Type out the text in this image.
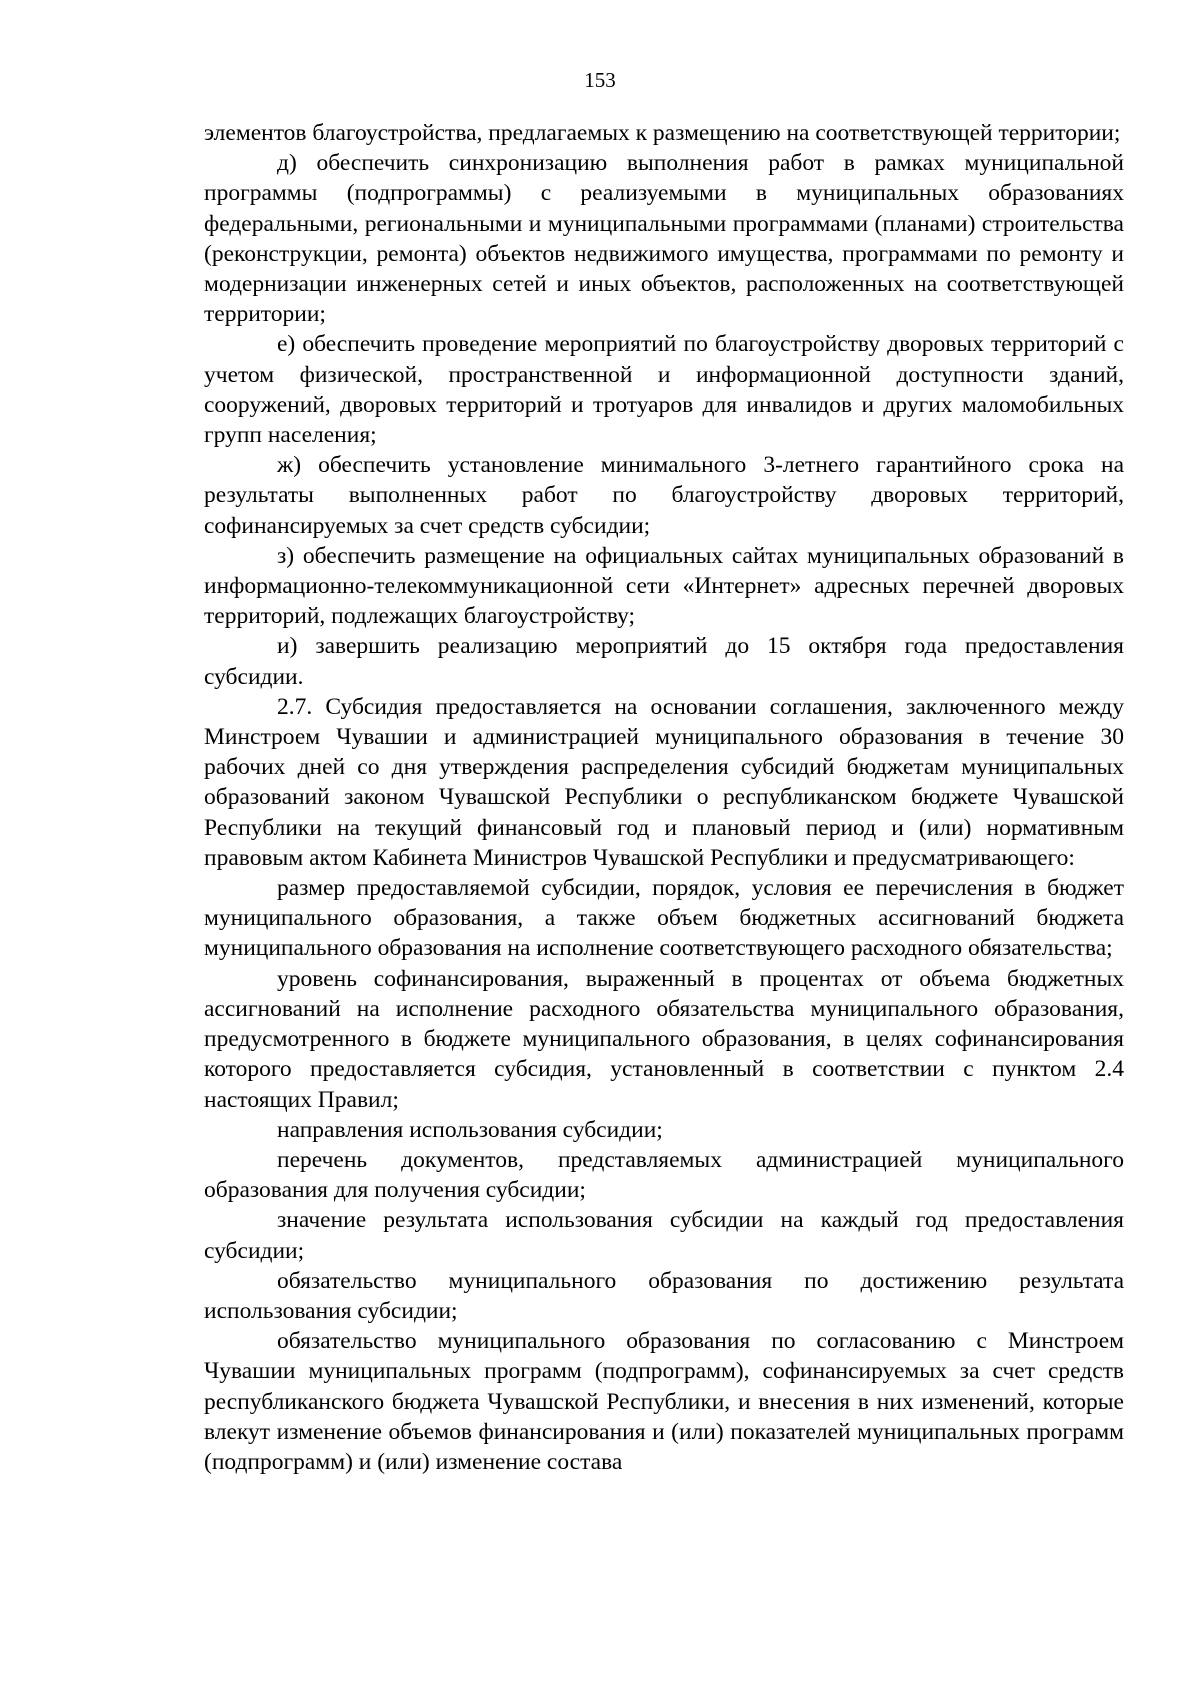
153

элементов благоустройства, предлагаемых к размещению на соответствующей территории;

д) обеспечить синхронизацию выполнения работ в рамках муниципальной программы (подпрограммы) с реализуемыми в муниципальных образованиях федеральными, региональными и муниципальными программами (планами) строительства (реконструкции, ремонта) объектов недвижимого имущества, программами по ремонту и модернизации инженерных сетей и иных объектов, расположенных на соответствующей территории;

е) обеспечить проведение мероприятий по благоустройству дворовых территорий с учетом физической, пространственной и информационной доступности зданий, сооружений, дворовых территорий и тротуаров для инвалидов и других маломобильных групп населения;

ж) обеспечить установление минимального 3-летнего гарантийного срока на результаты выполненных работ по благоустройству дворовых территорий, софинансируемых за счет средств субсидии;

з) обеспечить размещение на официальных сайтах муниципальных образований в информационно-телекоммуникационной сети «Интернет» адресных перечней дворовых территорий, подлежащих благоустройству;

и) завершить реализацию мероприятий до 15 октября года предоставления субсидии.

2.7. Субсидия предоставляется на основании соглашения, заключенного между Минстроем Чувашии и администрацией муниципального образования в течение 30 рабочих дней со дня утверждения распределения субсидий бюджетам муниципальных образований законом Чувашской Республики о республиканском бюджете Чувашской Республики на текущий финансовый год и плановый период и (или) нормативным правовым актом Кабинета Министров Чувашской Республики и предусматривающего:

размер предоставляемой субсидии, порядок, условия ее перечисления в бюджет муниципального образования, а также объем бюджетных ассигнований бюджета муниципального образования на исполнение соответствующего расходного обязательства;

уровень софинансирования, выраженный в процентах от объема бюджетных ассигнований на исполнение расходного обязательства муниципального образования, предусмотренного в бюджете муниципального образования, в целях софинансирования которого предоставляется субсидия, установленный в соответствии с пунктом 2.4 настоящих Правил;

направления использования субсидии;

перечень документов, представляемых администрацией муниципального образования для получения субсидии;

значение результата использования субсидии на каждый год предоставления субсидии;

обязательство муниципального образования по достижению результата использования субсидии;

обязательство муниципального образования по согласованию с Минстроем Чувашии муниципальных программ (подпрограмм), софинансируемых за счет средств республиканского бюджета Чувашской Республики, и внесения в них изменений, которые влекут изменение объемов финансирования и (или) показателей муниципальных программ (подпрограмм) и (или) изменение состава
